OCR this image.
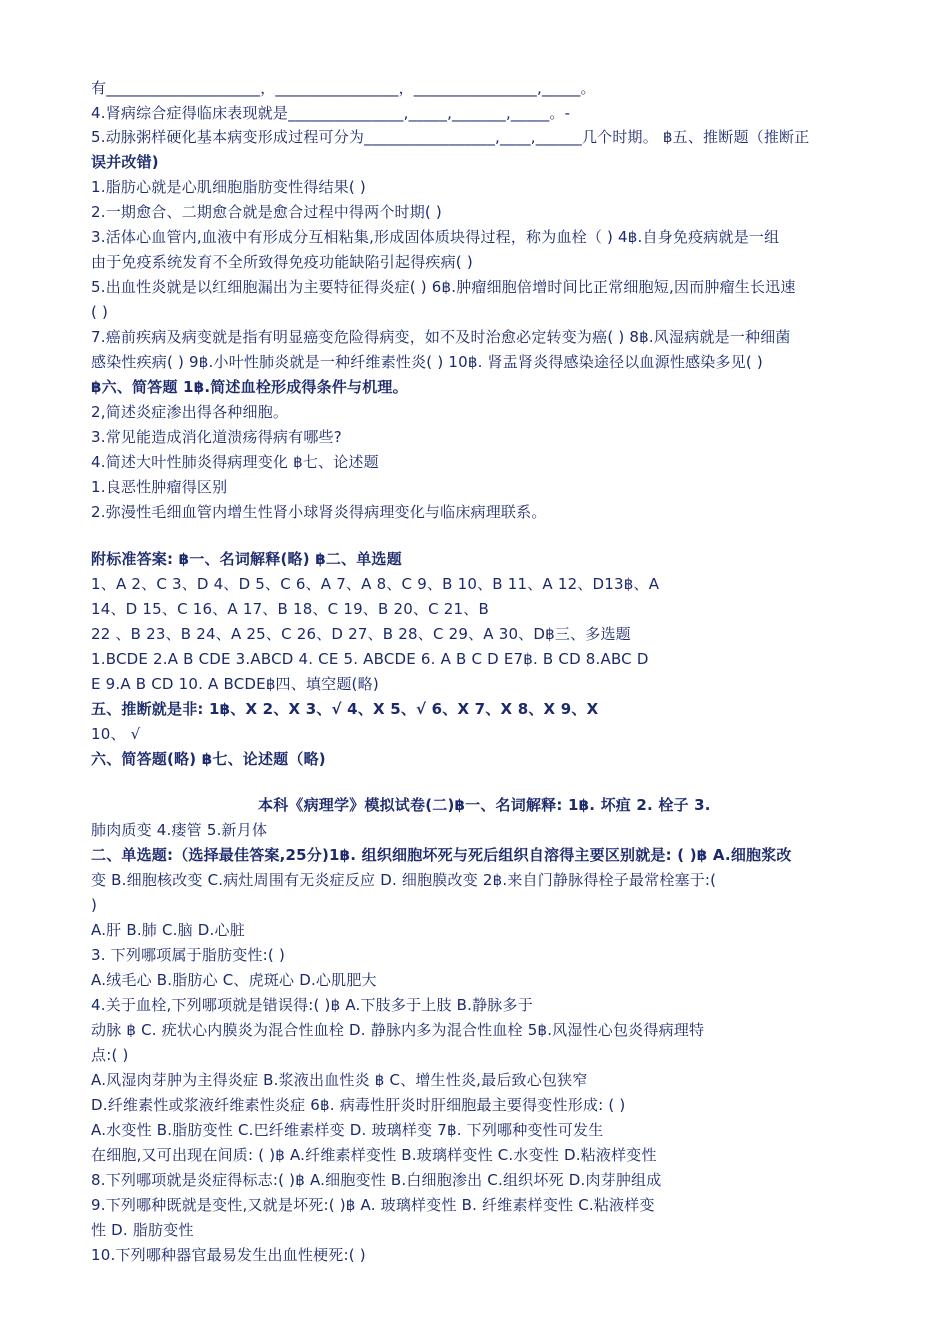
有____________________，________________，________________,_____。
4.肾病综合症得临床表现就是_______________,_____,_______,_____。-
5.动脉粥样硬化基本病变形成过程可分为_________________,____,______几个时期。 ฿五、推断题（推断正
误并改错)
1.脂肪心就是心肌细胞脂肪变性得结果( )
2.一期愈合、二期愈合就是愈合过程中得两个时期( )
3.活体心血管内,血液中有形成分互相粘集,形成固体质块得过程，称为血栓（ ) 4฿.自身免疫病就是一组
由于免疫系统发育不全所致得免疫功能缺陷引起得疾病( )
5.出血性炎就是以红细胞漏出为主要特征得炎症( ) 6฿.肿瘤细胞倍增时间比正常细胞短,因而肿瘤生长迅速
( )
7.癌前疾病及病变就是指有明显癌变危险得病变，如不及时治愈必定转变为癌( ) 8฿.风湿病就是一种细菌
感染性疾病( ) 9฿.小叶性肺炎就是一种纤维素性炎( ) 10฿. 肾盂肾炎得感染途径以血源性感染多见( )
฿六、简答题 1฿.简述血栓形成得条件与机理。
2,简述炎症渗出得各种细胞。
3.常见能造成消化道溃疡得病有哪些?
4.简述大叶性肺炎得病理变化 ฿七、论述题
1.良恶性肿瘤得区别
2.弥漫性毛细血管内增生性肾小球肾炎得病理变化与临床病理联系。
附标准答案: ฿一、名词解释(略) ฿二、单选题
1、A 2、C 3、D 4、D 5、C 6、A 7、A 8、C 9、B 10、B 11、A 12、D13฿、A
14、D 15、C 16、A 17、B 18、C 19、B 20、C 21、B
22 、B 23、B 24、A 25、C 26、D 27、B 28、C 29、A 30、D฿三、多选题
1.BCDE 2.A B CDE 3.ABCD 4. CE 5. ABCDE 6. A B C D E7฿. B CD 8.ABC D
E 9.A B CD 10. A BCDE฿四、填空题(略)
五、推断就是非: 1฿、X 2、X 3、√ 4、X 5、√ 6、X 7、X 8、X 9、X
10、 √
六、简答题(略) ฿七、论述题（略)
本科《病理学》模拟试卷(二)฿一、名词解释: 1฿. 坏疽 2. 栓子 3.
肺肉质变 4.瘘管 5.新月体
二、单选题:（选择最佳答案,25分)1฿. 组织细胞坏死与死后组织自溶得主要区别就是: ( )฿ A.细胞浆改
变 B.细胞核改变 C.病灶周围有无炎症反应 D. 细胞膜改变 2฿.来自门静脉得栓子最常栓塞于:(
)
A.肝 B.肺 C.脑 D.心脏
3. 下列哪项属于脂肪变性:( )
A.绒毛心 B.脂肪心 C、虎斑心 D.心肌肥大
4.关于血栓,下列哪项就是错误得:( )฿ A.下肢多于上肢 B.静脉多于
动脉 ฿ C. 疣状心内膜炎为混合性血栓 D. 静脉内多为混合性血栓 5฿.风湿性心包炎得病理特
点:( )
A.风湿肉芽肿为主得炎症 B.浆液出血性炎 ฿ C、增生性炎,最后致心包狭窄
D.纤维素性或浆液纤维素性炎症 6฿. 病毒性肝炎时肝细胞最主要得变性形成: ( )
A.水变性 B.脂肪变性 C.巴纤维素样变 D. 玻璃样变 7฿. 下列哪种变性可发生
在细胞,又可出现在间质: ( )฿ A.纤维素样变性 B.玻璃样变性 C.水变性 D.粘液样变性
8.下列哪项就是炎症得标志:( )฿ A.细胞变性 B.白细胞渗出 C.组织坏死 D.肉芽肿组成
9.下列哪种既就是变性,又就是坏死:( )฿ A. 玻璃样变性 B. 纤维素样变性 C.粘液样变
性 D. 脂肪变性
10.下列哪种器官最易发生出血性梗死:( )
